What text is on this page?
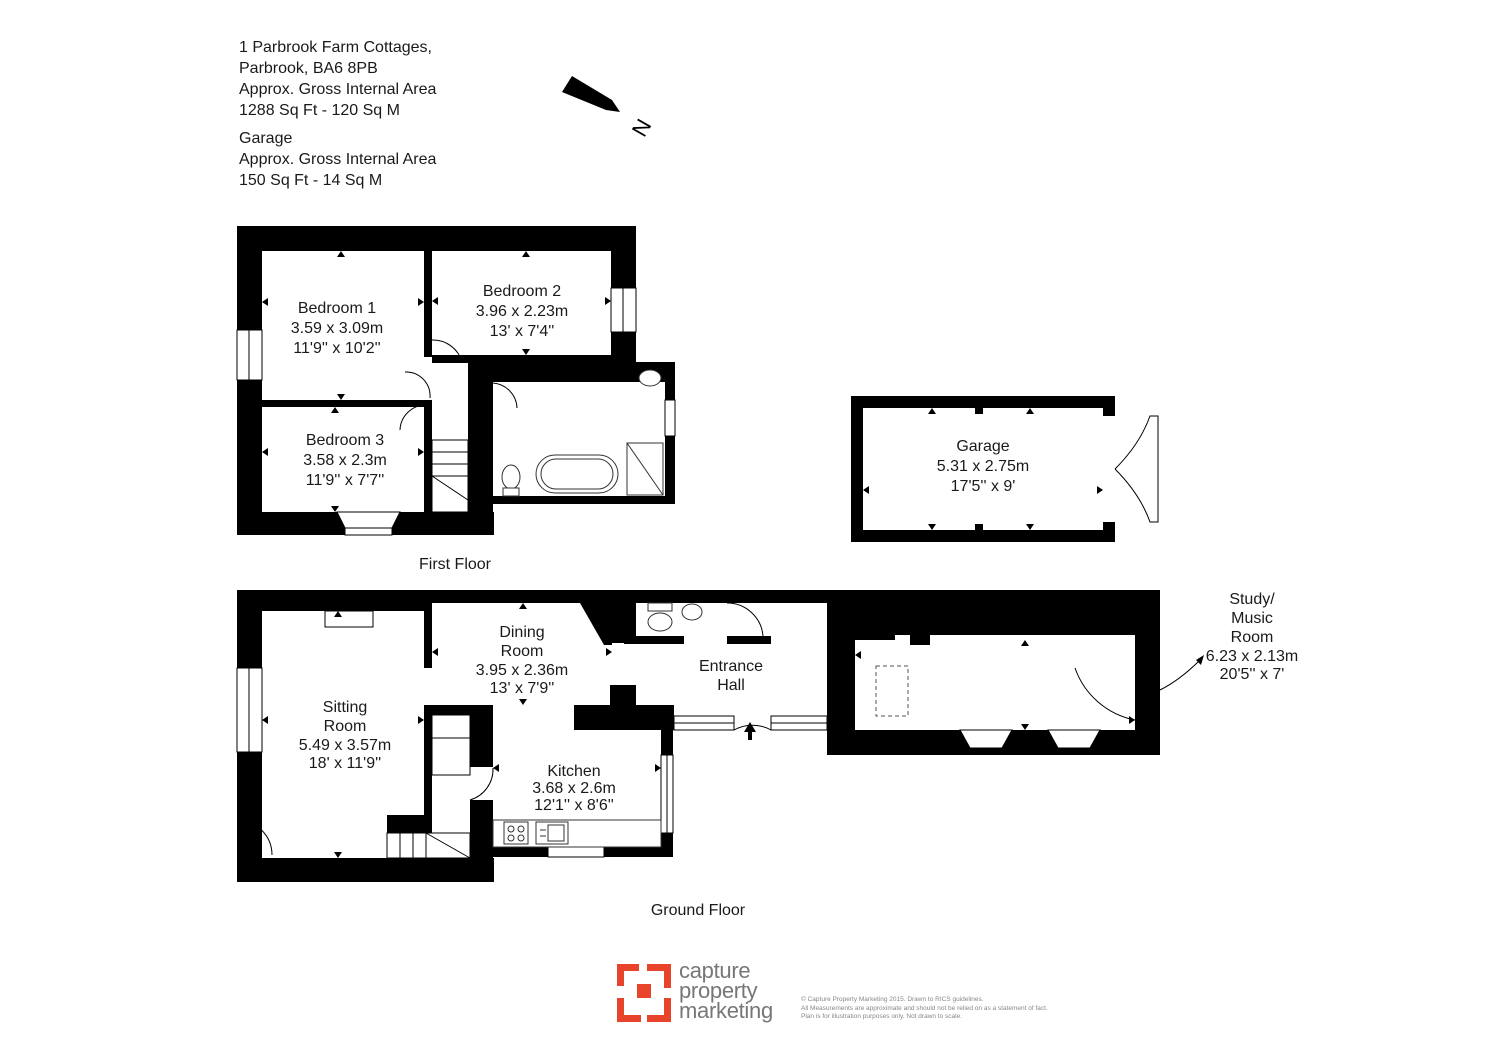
1 Parbrook Farm Cottages,
Parbrook, BA6 8PB
Approx. Gross Internal Area
1288 Sq Ft - 120 Sq M
Garage
Approx. Gross Internal Area
150 Sq Ft - 14 Sq M
N
Bedroom 1
3.59 x 3.09m
11'9'' x 10'2''
Bedroom 2
3.96 x 2.23m
13' x 7'4''
Bedroom 3
3.58 x 2.3m
11'9'' x 7'7''
First Floor
Garage
5.31 x 2.75m
17'5'' x 9'
Sitting
Room
5.49 x 3.57m
18' x 11'9''
Dining
Room
3.95 x 2.36m
13' x 7'9''
Entrance
Hall
Kitchen
3.68 x 2.6m
12'1'' x 8'6''
Study/
Music
Room
6.23 x 2.13m
20'5'' x 7'
Ground Floor
capture
property
marketing	© Capture Property Marketing 2015. Drawn to RICS guidelines.
All Measurements are approximate and should not be relied on as a statement of fact.
Plan is for illustration purposes only. Not drawn to scale.
